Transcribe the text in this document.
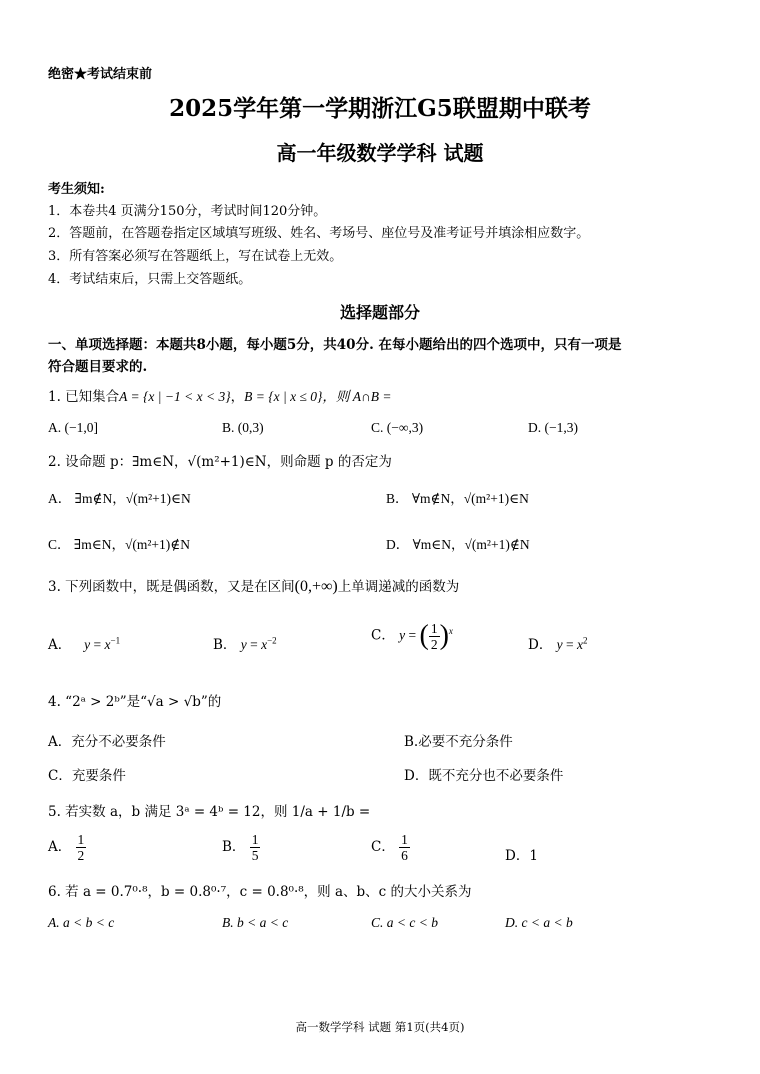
绝密★考试结束前
2025学年第一学期浙江G5联盟期中联考
高一年级数学学科 试题
考生须知:
1．本卷共4 页满分150分，考试时间120分钟。
2．答题前，在答题卷指定区域填写班级、姓名、考场号、座位号及准考证号并填涂相应数字。
3．所有答案必须写在答题纸上，写在试卷上无效。
4．考试结束后，只需上交答题纸。
选择题部分
一、单项选择题：本题共8小题，每小题5分，共40分. 在每小题给出的四个选项中，只有一项是
符合题目要求的.
1. 已知集合A = {x | −1 < x < 3}，B = {x | x ≤ 0}，则 A∩B =
A. (−1,0]	B. (0,3)	C. (−∞,3)	D. (−1,3)
2. 设命题 p：∃m∈N，√(m²+1)∈N，则命题 p 的否定为
A． ∃m∉N，√(m²+1)∈N	B． ∀m∉N，√(m²+1)∈N
C． ∃m∈N，√(m²+1)∉N	D． ∀m∈N，√(m²+1)∉N
3. 下列函数中，既是偶函数，又是在区间(0,+∞)上单调递减的函数为
A． $y = x^{-1}$	B． $y = x^{-2}$	C． y = ( $\frac{1}{2} )^x$
D． $y = x^2$
4. “2ᵃ > 2ᵇ”是“√a > √b”的
A．充分不必要条件	B.必要不充分条件
C．充要条件	D．既不充分也不必要条件
5. 若实数 a，b 满足 3ᵃ = 4ᵇ = 12，则 1/a + 1/b =
A． $\frac{1}{2}$	B． $\frac{1}{5}$	C． $\frac{1}{6}$	D．1
6. 若 a = 0.7⁰·⁸，b = 0.8⁰·⁷，c = 0.8⁰·⁸，则 a、b、c 的大小关系为
A. a < b < c	B. b < a < c	C. a < c < b	D. c < a < b
高一数学学科 试题 第1页(共4页)
